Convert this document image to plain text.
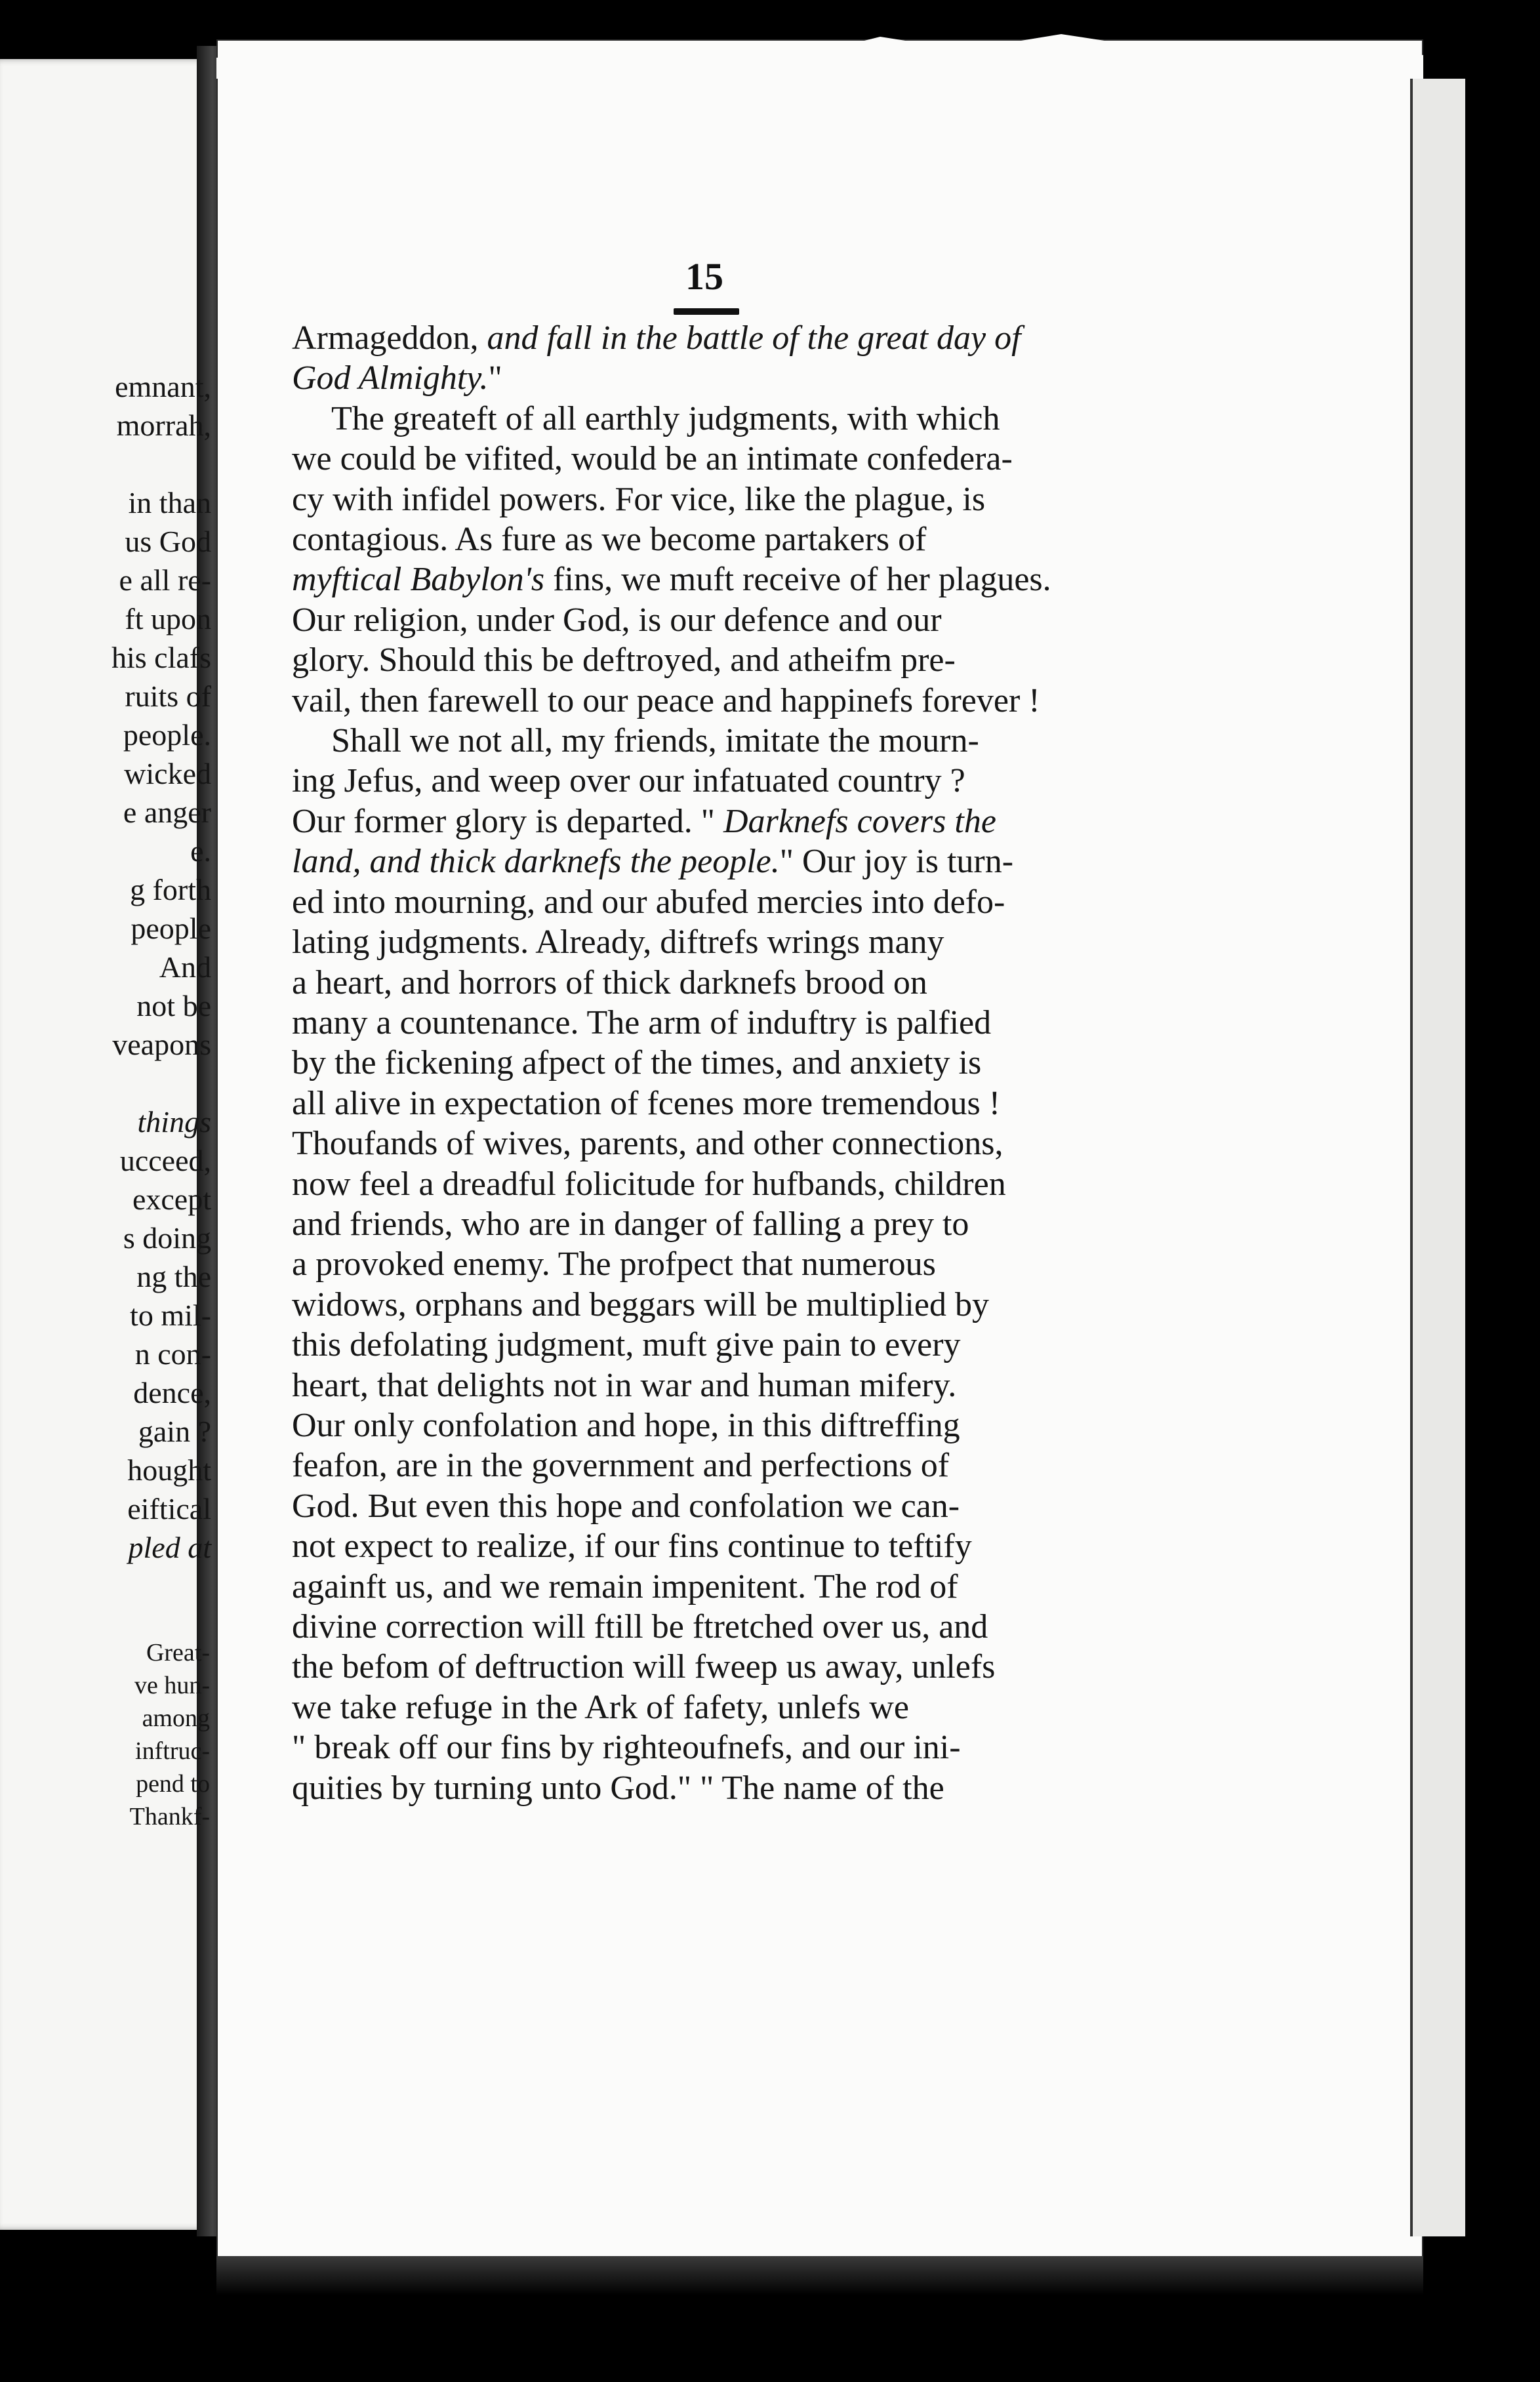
emnant,
morrah,

in than
us God
e all re-
ft upon
his clafs
ruits of
people.
wicked
e anger
e.
g forth
people
And
not be
veapons

things
ucceed,
except
s doing
ng the
to mil-
n con-
dence,
gain ?
hought
eiftical
pled at
Great-
ve hun-
among
inftruc-
pend to
Thankf-
15
Armageddon, and fall in the battle of the great day of
God Almighty."
The greateft of all earthly judgments, with which
we could be vifited, would be an intimate confedera-
cy with infidel powers. For vice, like the plague, is
contagious. As fure as we become partakers of
myftical Babylon's fins, we muft receive of her plagues.
Our religion, under God, is our defence and our
glory. Should this be deftroyed, and atheifm pre-
vail, then farewell to our peace and happinefs forever !
Shall we not all, my friends, imitate the mourn-
ing Jefus, and weep over our infatuated country ?
Our former glory is departed. " Darknefs covers the
land, and thick darknefs the people." Our joy is turn-
ed into mourning, and our abufed mercies into defo-
lating judgments. Already, diftrefs wrings many
a heart, and horrors of thick darknefs brood on
many a countenance. The arm of induftry is palfied
by the fickening afpect of the times, and anxiety is
all alive in expectation of fcenes more tremendous !
Thoufands of wives, parents, and other connections,
now feel a dreadful folicitude for hufbands, children
and friends, who are in danger of falling a prey to
a provoked enemy. The profpect that numerous
widows, orphans and beggars will be multiplied by
this defolating judgment, muft give pain to every
heart, that delights not in war and human mifery.
Our only confolation and hope, in this diftreffing
feafon, are in the government and perfections of
God. But even this hope and confolation we can-
not expect to realize, if our fins continue to teftify
againft us, and we remain impenitent. The rod of
divine correction will ftill be ftretched over us, and
the befom of deftruction will fweep us away, unlefs
we take refuge in the Ark of fafety, unlefs we
" break off our fins by righteoufnefs, and our ini-
quities by turning unto God." " The name of the
